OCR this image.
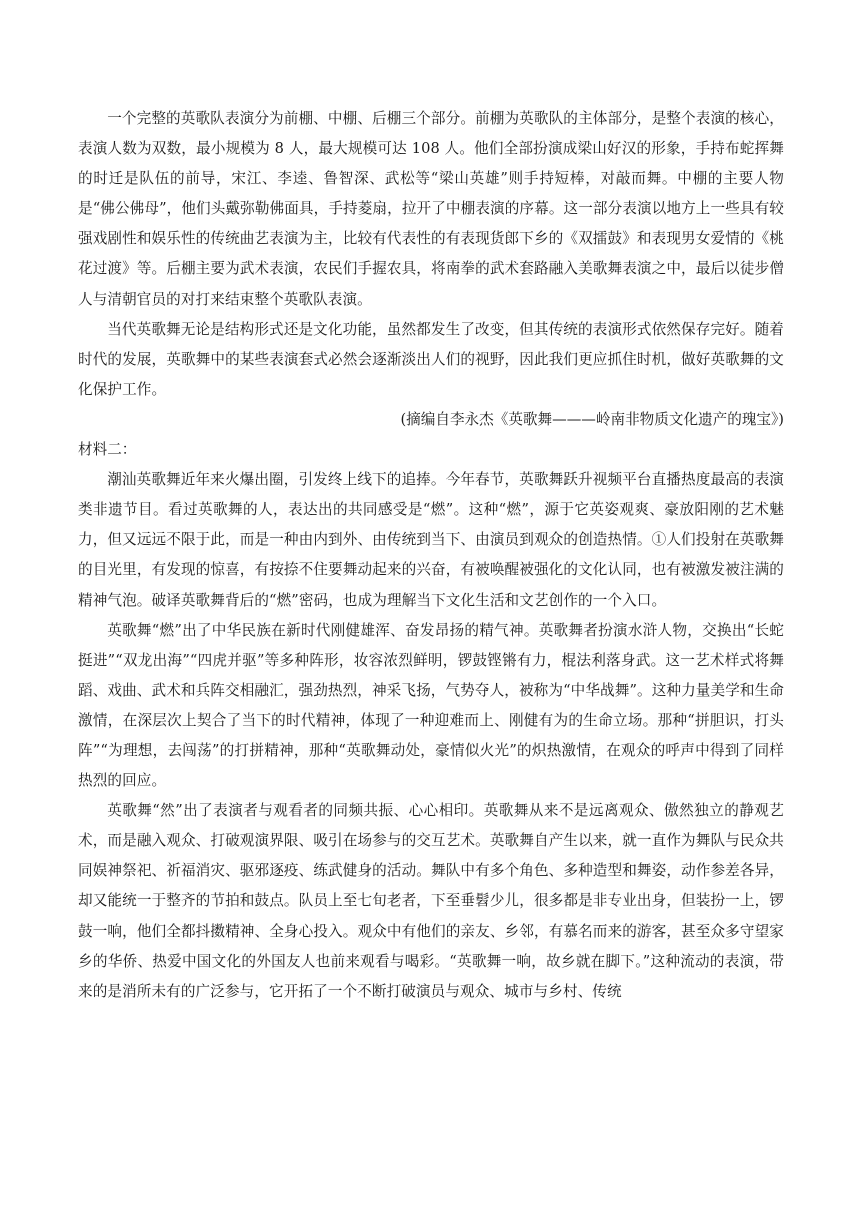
一个完整的英歌队表演分为前棚、中棚、后棚三个部分。前棚为英歌队的主体部分，是整个表演的核心，表演人数为双数，最小规模为 8 人，最大规模可达 108 人。他们全部扮演成梁山好汉的形象，手持布蛇挥舞的时迁是队伍的前导，宋江、李逵、鲁智深、武松等“梁山英雄”则手持短棒，对敲而舞。中棚的主要人物是“佛公佛母”，他们头戴弥勒佛面具，手持菱扇，拉开了中棚表演的序幕。这一部分表演以地方上一些具有较强戏剧性和娱乐性的传统曲艺表演为主，比较有代表性的有表现货郎下乡的《双擂鼓》和表现男女爱情的《桃花过渡》等。后棚主要为武术表演，农民们手握农具，将南拳的武术套路融入美歌舞表演之中，最后以徒步僧人与清朝官员的对打来结束整个英歌队表演。

当代英歌舞无论是结构形式还是文化功能，虽然都发生了改变，但其传统的表演形式依然保存完好。随着时代的发展，英歌舞中的某些表演套式必然会逐渐淡出人们的视野，因此我们更应抓住时机，做好英歌舞的文化保护工作。

(摘编自李永杰《英歌舞———岭南非物质文化遗产的瑰宝》)

材料二：

潮汕英歌舞近年来火爆出圈，引发终上线下的追捧。今年春节，英歌舞跃升视频平台直播热度最高的表演类非遗节目。看过英歌舞的人，表达出的共同感受是“燃”。这种“燃”，源于它英姿观爽、豪放阳刚的艺术魅力，但又远远不限于此，而是一种由内到外、由传统到当下、由演员到观众的创造热情。①人们投射在英歌舞的目光里，有发现的惊喜，有按捺不住要舞动起来的兴奋，有被唤醒被强化的文化认同，也有被激发被注满的精神气泡。破译英歌舞背后的“燃”密码，也成为理解当下文化生活和文艺创作的一个入口。

英歌舞“燃”出了中华民族在新时代刚健雄浑、奋发昂扬的精气神。英歌舞者扮演水浒人物，交换出“长蛇挺进”“双龙出海”“四虎并驱”等多种阵形，妆容浓烈鲜明，锣鼓铿锵有力，棍法利落身武。这一艺术样式将舞蹈、戏曲、武术和兵阵交相融汇，强劲热烈，神采飞扬，气势夺人，被称为“中华战舞”。这种力量美学和生命激情，在深层次上契合了当下的时代精神，体现了一种迎难而上、刚健有为的生命立场。那种“拼胆识，打头阵”“为理想，去闯荡”的打拼精神，那种“英歌舞动处，豪情似火光”的炽热激情，在观众的呼声中得到了同样热烈的回应。

英歌舞“然”出了表演者与观看者的同频共振、心心相印。英歌舞从来不是远离观众、傲然独立的静观艺术，而是融入观众、打破观演界限、吸引在场参与的交互艺术。英歌舞自产生以来，就一直作为舞队与民众共同娱神祭祀、祈福消灾、驱邪逐疫、练武健身的活动。舞队中有多个角色、多种造型和舞姿，动作参差各异，却又能统一于整齐的节拍和鼓点。队员上至七旬老者，下至垂髫少儿，很多都是非专业出身，但装扮一上，锣鼓一响，他们全都抖擞精神、全身心投入。观众中有他们的亲友、乡邻，有慕名而来的游客，甚至众多守望家乡的华侨、热爱中国文化的外国友人也前来观看与喝彩。“英歌舞一响，故乡就在脚下。”这种流动的表演，带来的是消所未有的广泛参与，它开拓了一个不断打破演员与观众、城市与乡村、传统
